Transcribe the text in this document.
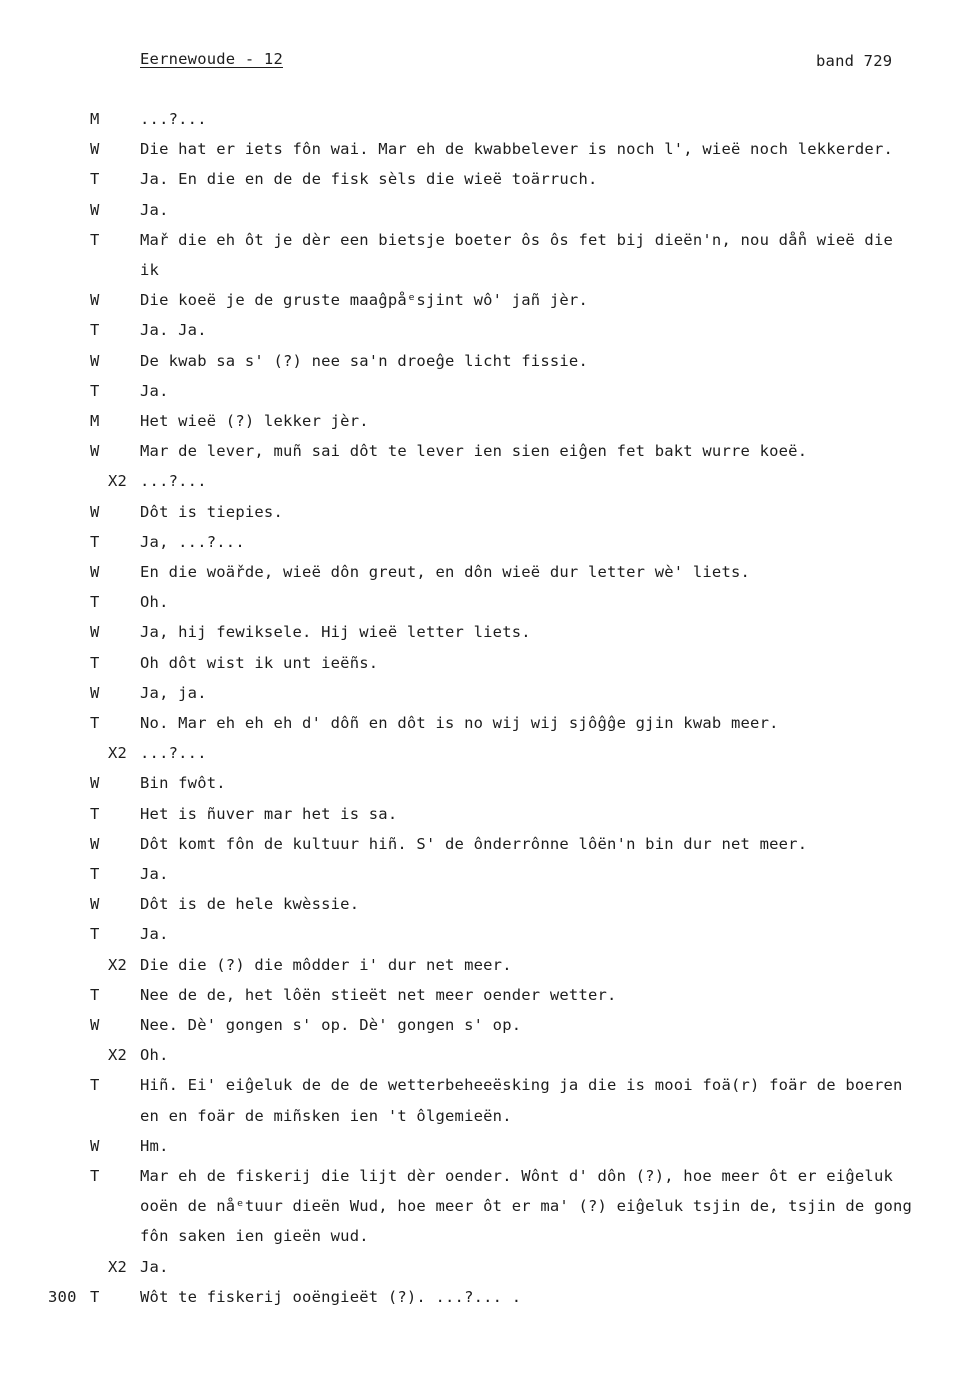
Eernewoude - 12	band 729
M	...?...
W	Die hat er iets fôn wai. Mar eh de kwabbelever is noch l', wieë noch lekkerder.
T	Ja. En die en de de fisk sèls die wieë toärruch.
W	Ja.
T	Mař die eh ôt je dèr een bietsje boeter ôs ôs fet bij dieën'n, nou då̊n wieë die
ik
W	Die koeë je de gruste maaĝpåᵉsjint wô' jañ jèr.
T	Ja. Ja.
W	De kwab sa s' (?) nee sa'n droeĝe licht fissie.
T	Ja.
M	Het wieë (?) lekker jèr.
W	Mar de lever, muñ sai dôt te lever ien sien eiĝen fet bakt wurre koeë.
X2 ...?...
W	Dôt is tiepies.
T	Ja, ...?...
W	En die woäřde, wieë dôn greut, en dôn wieë dur letter wè' liets.
T	Oh.
W	Ja, hij fewiksele. Hij wieë letter liets.
T	Oh dôt wist ik unt ieëñs.
W	Ja, ja.
T	No. Mar eh eh eh d' dôñ en dôt is no wij wij sjôĝĝe gjin kwab meer.
X2 ...?...
W	Bin fwôt.
T	Het is ñuver mar het is sa.
W	Dôt komt fôn de kultuur hiñ. S' de ônderrônne lôën'n bin dur net meer.
T	Ja.
W	Dôt is de hele kwèssie.
T	Ja.
X2 Die die (?) die môdder i' dur net meer.
T	Nee de de, het lôën stieët net meer oender wetter.
W	Nee. Dè' gongen s' op. Dè' gongen s' op.
X2 Oh.
T	Hiñ. Ei' eiĝeluk de de de wetterbeheeësking ja die is mooi foä(r) foär de boeren
en en foär de miñsken ien 't ôlgemieën.
W	Hm.
T	Mar eh de fiskerij die lijt dèr oender. Wônt d' dôn (?), hoe meer ôt er eiĝeluk
ooën de nåᵉtuur dieën Wud, hoe meer ôt er ma' (?) eiĝeluk tsjin de, tsjin de gong
fôn saken ien gieën wud.
X2 Ja.
300 T	Wôt te fiskerij ooëngieët (?). ...?... .
